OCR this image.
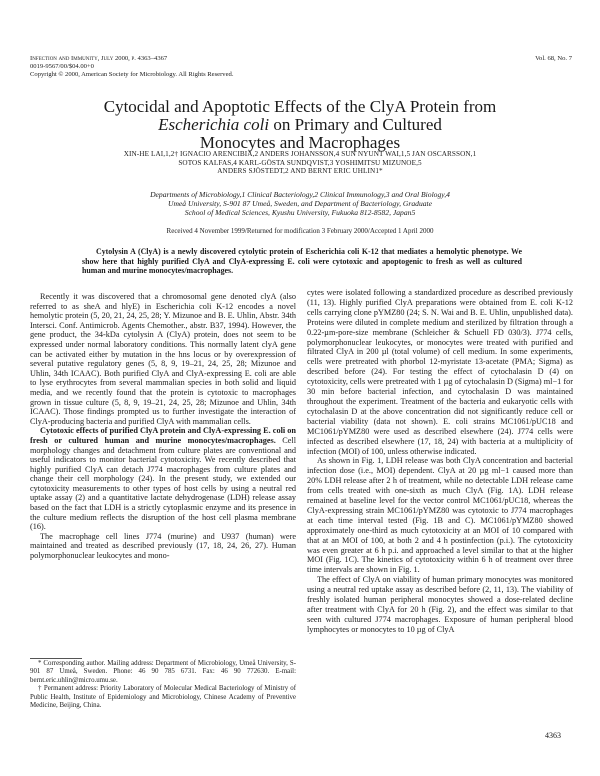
Infection and Immunity, July 2000, p. 4363–4367	Vol. 68, No. 7
0019-9567/00/$04.00+0
Copyright © 2000, American Society for Microbiology. All Rights Reserved.
Cytocidal and Apoptotic Effects of the ClyA Protein from
Escherichia coli on Primary and Cultured
Monocytes and Macrophages
XIN-HE LAI,1,2† IGNACIO ARENCIBIA,2 ANDERS JOHANSSON,4 SUN NYUNT WAI,1,5 JAN OSCARSSON,1
SOTOS KALFAS,4 KARL-GÖSTA SUNDQVIST,3 YOSHIMITSU MIZUNOE,5
ANDERS SJÖSTEDT,2 AND BERNT ERIC UHLIN1*
Departments of Microbiology,1 Clinical Bacteriology,2 Clinical Immunology,3 and Oral Biology,4
Umeå University, S-901 87 Umeå, Sweden, and Department of Bacteriology, Graduate
School of Medical Sciences, Kyushu University, Fukuoka 812-8582, Japan5
Received 4 November 1999/Returned for modification 3 February 2000/Accepted 1 April 2000
Cytolysin A (ClyA) is a newly discovered cytolytic protein of Escherichia coli K-12 that mediates a hemolytic phenotype. We show here that highly purified ClyA and ClyA-expressing E. coli were cytotoxic and apoptogenic to fresh as well as cultured human and murine monocytes/macrophages.

Recently it was discovered that a chromosomal gene denoted clyA (also referred to as sheA and hlyE) in Escherichia coli K-12 encodes a novel hemolytic protein (5, 20, 21, 24, 25, 28; Y. Mizunoe and B. E. Uhlin, Abstr. 34th Intersci. Conf. Antimicrob. Agents Chemother., abstr. B37, 1994). However, the gene product, the 34-kDa cytolysin A (ClyA) protein, does not seem to be expressed under normal laboratory conditions. This normally latent clyA gene can be activated either by mutation in the hns locus or by overexpression of several putative regulatory genes (5, 8, 9, 19–21, 24, 25, 28; Mizunoe and Uhlin, 34th ICAAC). Both purified ClyA and ClyA-expressing E. coli are able to lyse erythrocytes from several mammalian species in both solid and liquid media, and we recently found that the protein is cytotoxic to macrophages grown in tissue culture (5, 8, 9, 19–21, 24, 25, 28; Mizunoe and Uhlin, 34th ICAAC). Those findings prompted us to further investigate the interaction of ClyA-producing bacteria and purified ClyA with mammalian cells.

Cytotoxic effects of purified ClyA protein and ClyA-expressing E. coli on fresh or cultured human and murine monocytes/macrophages. Cell morphology changes and detachment from culture plates are conventional and useful indicators to monitor bacterial cytotoxicity. We recently described that highly purified ClyA can detach J774 macrophages from culture plates and change their cell morphology (24). In the present study, we extended our cytotoxicity measurements to other types of host cells by using a neutral red uptake assay (2) and a quantitative lactate dehydrogenase (LDH) release assay based on the fact that LDH is a strictly cytoplasmic enzyme and its presence in the culture medium reflects the disruption of the host cell plasma membrane (16).

The macrophage cell lines J774 (murine) and U937 (human) were maintained and treated as described previously (17, 18, 24, 26, 27). Human polymorphonuclear leukocytes and mono-

cytes were isolated following a standardized procedure as described previously (11, 13). Highly purified ClyA preparations were obtained from E. coli K-12 cells carrying clone pYMZ80 (24; S. N. Wai and B. E. Uhlin, unpublished data). Proteins were diluted in complete medium and sterilized by filtration through a 0.22-µm-pore-size membrane (Schleicher & Schuell FD 030/3). J774 cells, polymorphonuclear leukocytes, or monocytes were treated with purified and filtrated ClyA in 200 µl (total volume) of cell medium. In some experiments, cells were pretreated with phorbol 12-myristate 13-acetate (PMA; Sigma) as described before (24). For testing the effect of cytochalasin D (4) on cytotoxicity, cells were pretreated with 1 µg of cytochalasin D (Sigma) ml−1 for 30 min before bacterial infection, and cytochalasin D was maintained throughout the experiment. Treatment of the bacteria and eukaryotic cells with cytochalasin D at the above concentration did not significantly reduce cell or bacterial viability (data not shown). E. coli strains MC1061/pUC18 and MC1061/pYMZ80 were used as described elsewhere (24). J774 cells were infected as described elsewhere (17, 18, 24) with bacteria at a multiplicity of infection (MOI) of 100, unless otherwise indicated.

As shown in Fig. 1, LDH release was both ClyA concentration and bacterial infection dose (i.e., MOI) dependent. ClyA at 20 µg ml−1 caused more than 20% LDH release after 2 h of treatment, while no detectable LDH release came from cells treated with one-sixth as much ClyA (Fig. 1A). LDH release remained at baseline level for the vector control MC1061/pUC18, whereas the ClyA-expressing strain MC1061/pYMZ80 was cytotoxic to J774 macrophages at each time interval tested (Fig. 1B and C). MC1061/pYMZ80 showed approximately one-third as much cytotoxicity at an MOI of 10 compared with that at an MOI of 100, at both 2 and 4 h postinfection (p.i.). The cytotoxicity was even greater at 6 h p.i. and approached a level similar to that at the higher MOI (Fig. 1C). The kinetics of cytotoxicity within 6 h of treatment over three time intervals are shown in Fig. 1.

The effect of ClyA on viability of human primary monocytes was monitored using a neutral red uptake assay as described before (2, 11, 13). The viability of freshly isolated human peripheral monocytes showed a dose-related decline after treatment with ClyA for 20 h (Fig. 2), and the effect was similar to that seen with cultured J774 macrophages. Exposure of human peripheral blood lymphocytes or monocytes to 10 µg of ClyA

* Corresponding author. Mailing address: Department of Microbiology, Umeå University, S-901 87 Umeå, Sweden. Phone: 46 90 785 6731. Fax: 46 90 772630. E-mail: bernt.eric.uhlin@micro.umu.se.

† Permanent address: Priority Laboratory of Molecular Medical Bacteriology of Ministry of Public Health, Institute of Epidemiology and Microbiology, Chinese Academy of Preventive Medicine, Beijing, China.

4363
